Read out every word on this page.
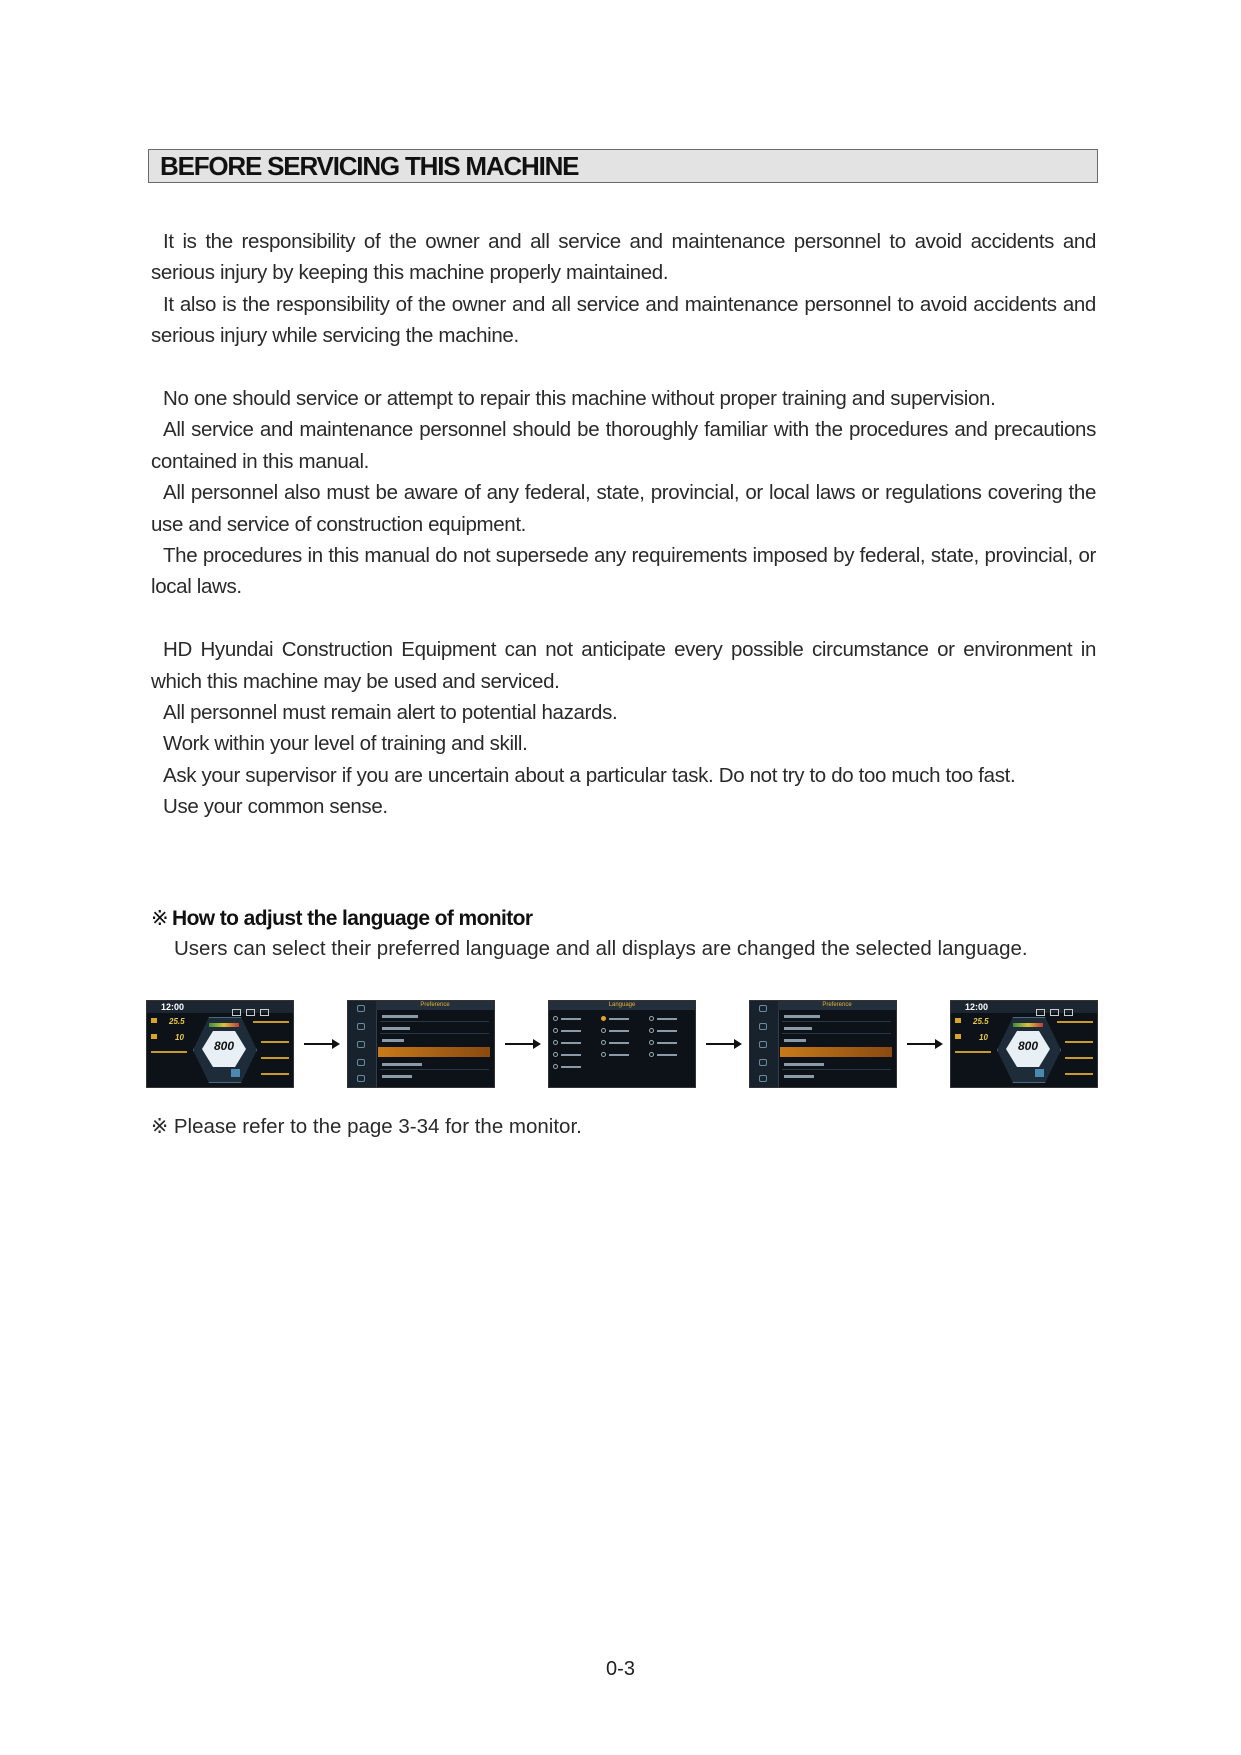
BEFORE SERVICING THIS MACHINE

It is the responsibility of the owner and all service and maintenance personnel to avoid accidents and serious injury by keeping this machine properly maintained.

It also is the responsibility of the owner and all service and maintenance personnel to avoid accidents and serious injury while servicing the machine.

No one should service or attempt to repair this machine without proper training and supervision.

All service and maintenance personnel should be thoroughly familiar with the procedures and precautions contained in this manual.

All personnel also must be aware of any federal, state, provincial, or local laws or regulations covering the use and service of construction equipment.

The procedures in this manual do not supersede any requirements imposed by federal, state, provincial, or local laws.

HD Hyundai Construction Equipment can not anticipate every possible circumstance or environment in which this machine may be used and serviced.

All personnel must remain alert to potential hazards.

Work within your level of training and skill.

Ask your supervisor if you are uncertain about a particular task. Do not try to do too much too fast.

Use your common sense.

※ How to adjust the language of monitor
Users can select their preferred language and all displays are changed the selected language.
12:00
25.5
10
800
Preference	Language	Preference	12:00
25.5
10
800
※ Please refer to the page 3-34 for the monitor.
0-3
